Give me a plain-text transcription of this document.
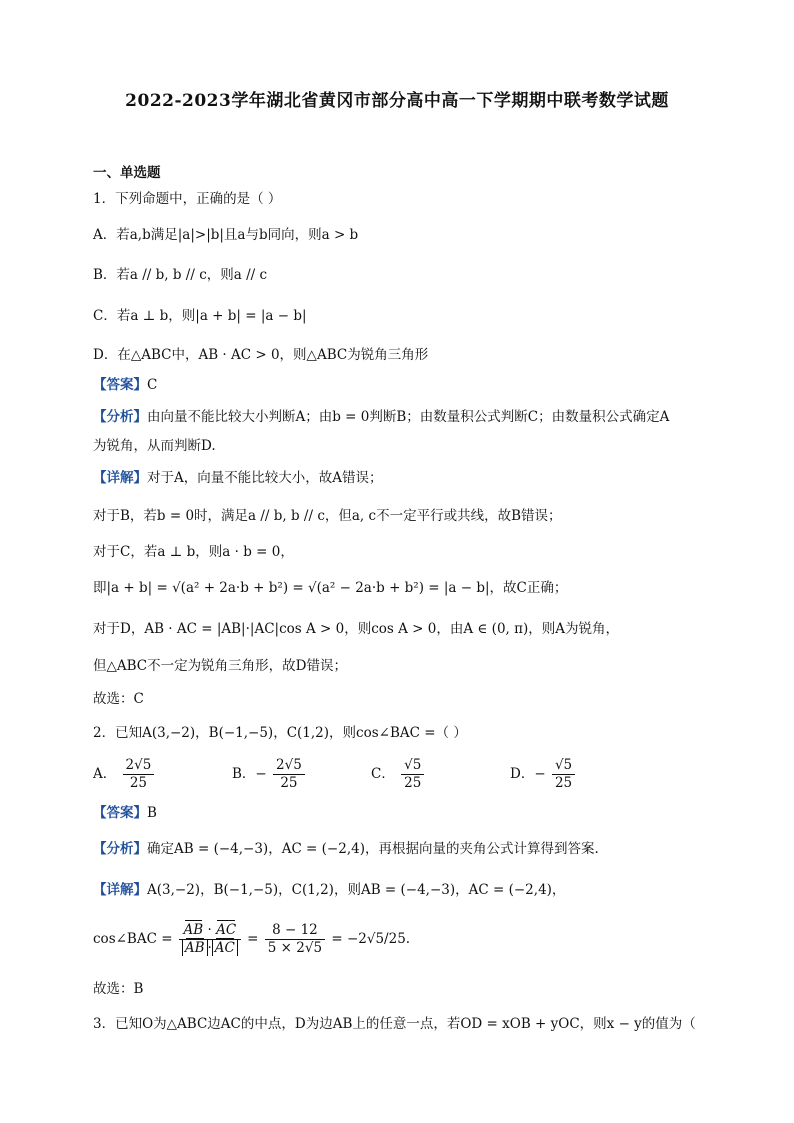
2022-2023学年湖北省黄冈市部分高中高一下学期期中联考数学试题
一、单选题
1．下列命题中，正确的是（ ）
A．若a,b满足|a|>|b|且a与b同向，则a > b
B．若a // b, b // c，则a // c
C．若a ⊥ b，则|a + b| = |a − b|
D．在△ABC中，AB · AC > 0，则△ABC为锐角三角形
【答案】C
【分析】由向量不能比较大小判断A；由b = 0判断B；由数量积公式判断C；由数量积公式确定A
为锐角，从而判断D.
【详解】对于A，向量不能比较大小，故A错误；
对于B，若b = 0时，满足a // b, b // c，但a, c不一定平行或共线，故B错误；
对于C，若a ⊥ b，则a · b = 0，
即|a + b| = √(a² + 2a·b + b²) = √(a² − 2a·b + b²) = |a − b|，故C正确；
对于D，AB · AC = |AB|·|AC|cos A > 0，则cos A > 0，由A ∈ (0, π)，则A为锐角，
但△ABC不一定为锐角三角形，故D错误；
故选：C
2．已知A(3,−2)，B(−1,−5)，C(1,2)，则cos∠BAC =（ ）
A． $\frac{2√5}{25}$	B．− $\frac{2√5}{25}$	C． $\frac{√5}{25}$	D．− $\frac{√5}{25}$
【答案】B
【分析】确定AB = (−4,−3)，AC = (−2,4)，再根据向量的夹角公式计算得到答案.
【详解】A(3,−2)，B(−1,−5)，C(1,2)，则AB = (−4,−3)，AC = (−2,4)，
cos∠BAC = $\frac{AB \cdot AC}{AB \cdot AC} = \frac{8 - 12}{5 \times 2√5} = -2√5/25$.
故选：B
3．已知O为△ABC边AC的中点，D为边AB上的任意一点，若OD = xOB + yOC，则x − y的值为（
